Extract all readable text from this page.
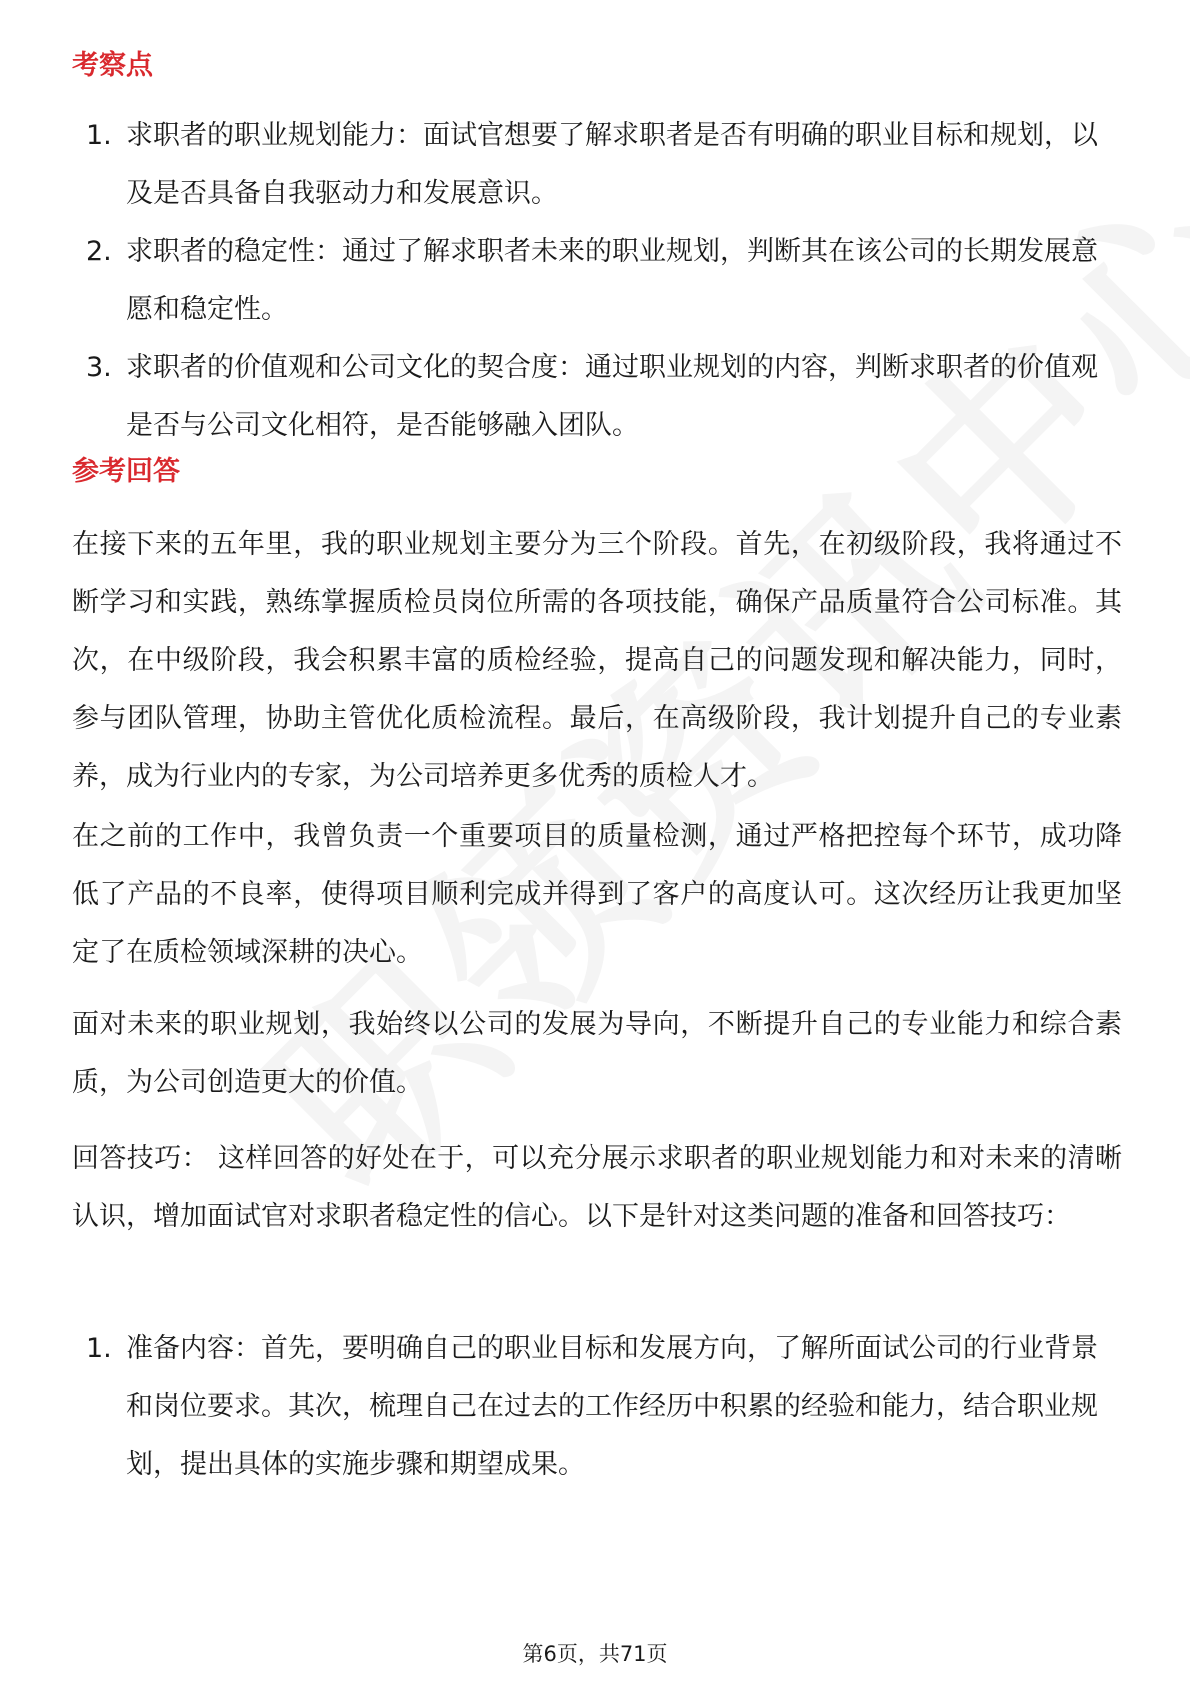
考察点
1. 求职者的职业规划能力：面试官想要了解求职者是否有明确的职业目标和规划，以及是否具备自我驱动力和发展意识。
2. 求职者的稳定性：通过了解求职者未来的职业规划，判断其在该公司的长期发展意愿和稳定性。
3. 求职者的价值观和公司文化的契合度：通过职业规划的内容，判断求职者的价值观是否与公司文化相符，是否能够融入团队。
参考回答

在接下来的五年里，我的职业规划主要分为三个阶段。首先，在初级阶段，我将通过不断学习和实践，熟练掌握质检员岗位所需的各项技能，确保产品质量符合公司标准。其次，在中级阶段，我会积累丰富的质检经验，提高自己的问题发现和解决能力，同时，参与团队管理，协助主管优化质检流程。最后，在高级阶段，我计划提升自己的专业素养，成为行业内的专家，为公司培养更多优秀的质检人才。

在之前的工作中，我曾负责一个重要项目的质量检测，通过严格把控每个环节，成功降低了产品的不良率，使得项目顺利完成并得到了客户的高度认可。这次经历让我更加坚定了在质检领域深耕的决心。

面对未来的职业规划，我始终以公司的发展为导向，不断提升自己的专业能力和综合素质，为公司创造更大的价值。

回答技巧： 这样回答的好处在于，可以充分展示求职者的职业规划能力和对未来的清晰认识，增加面试官对求职者稳定性的信心。以下是针对这类问题的准备和回答技巧：

1. 准备内容：首先，要明确自己的职业目标和发展方向，了解所面试公司的行业背景和岗位要求。其次，梳理自己在过去的工作经历中积累的经验和能力，结合职业规划，提出具体的实施步骤和期望成果。
第6页，共71页
